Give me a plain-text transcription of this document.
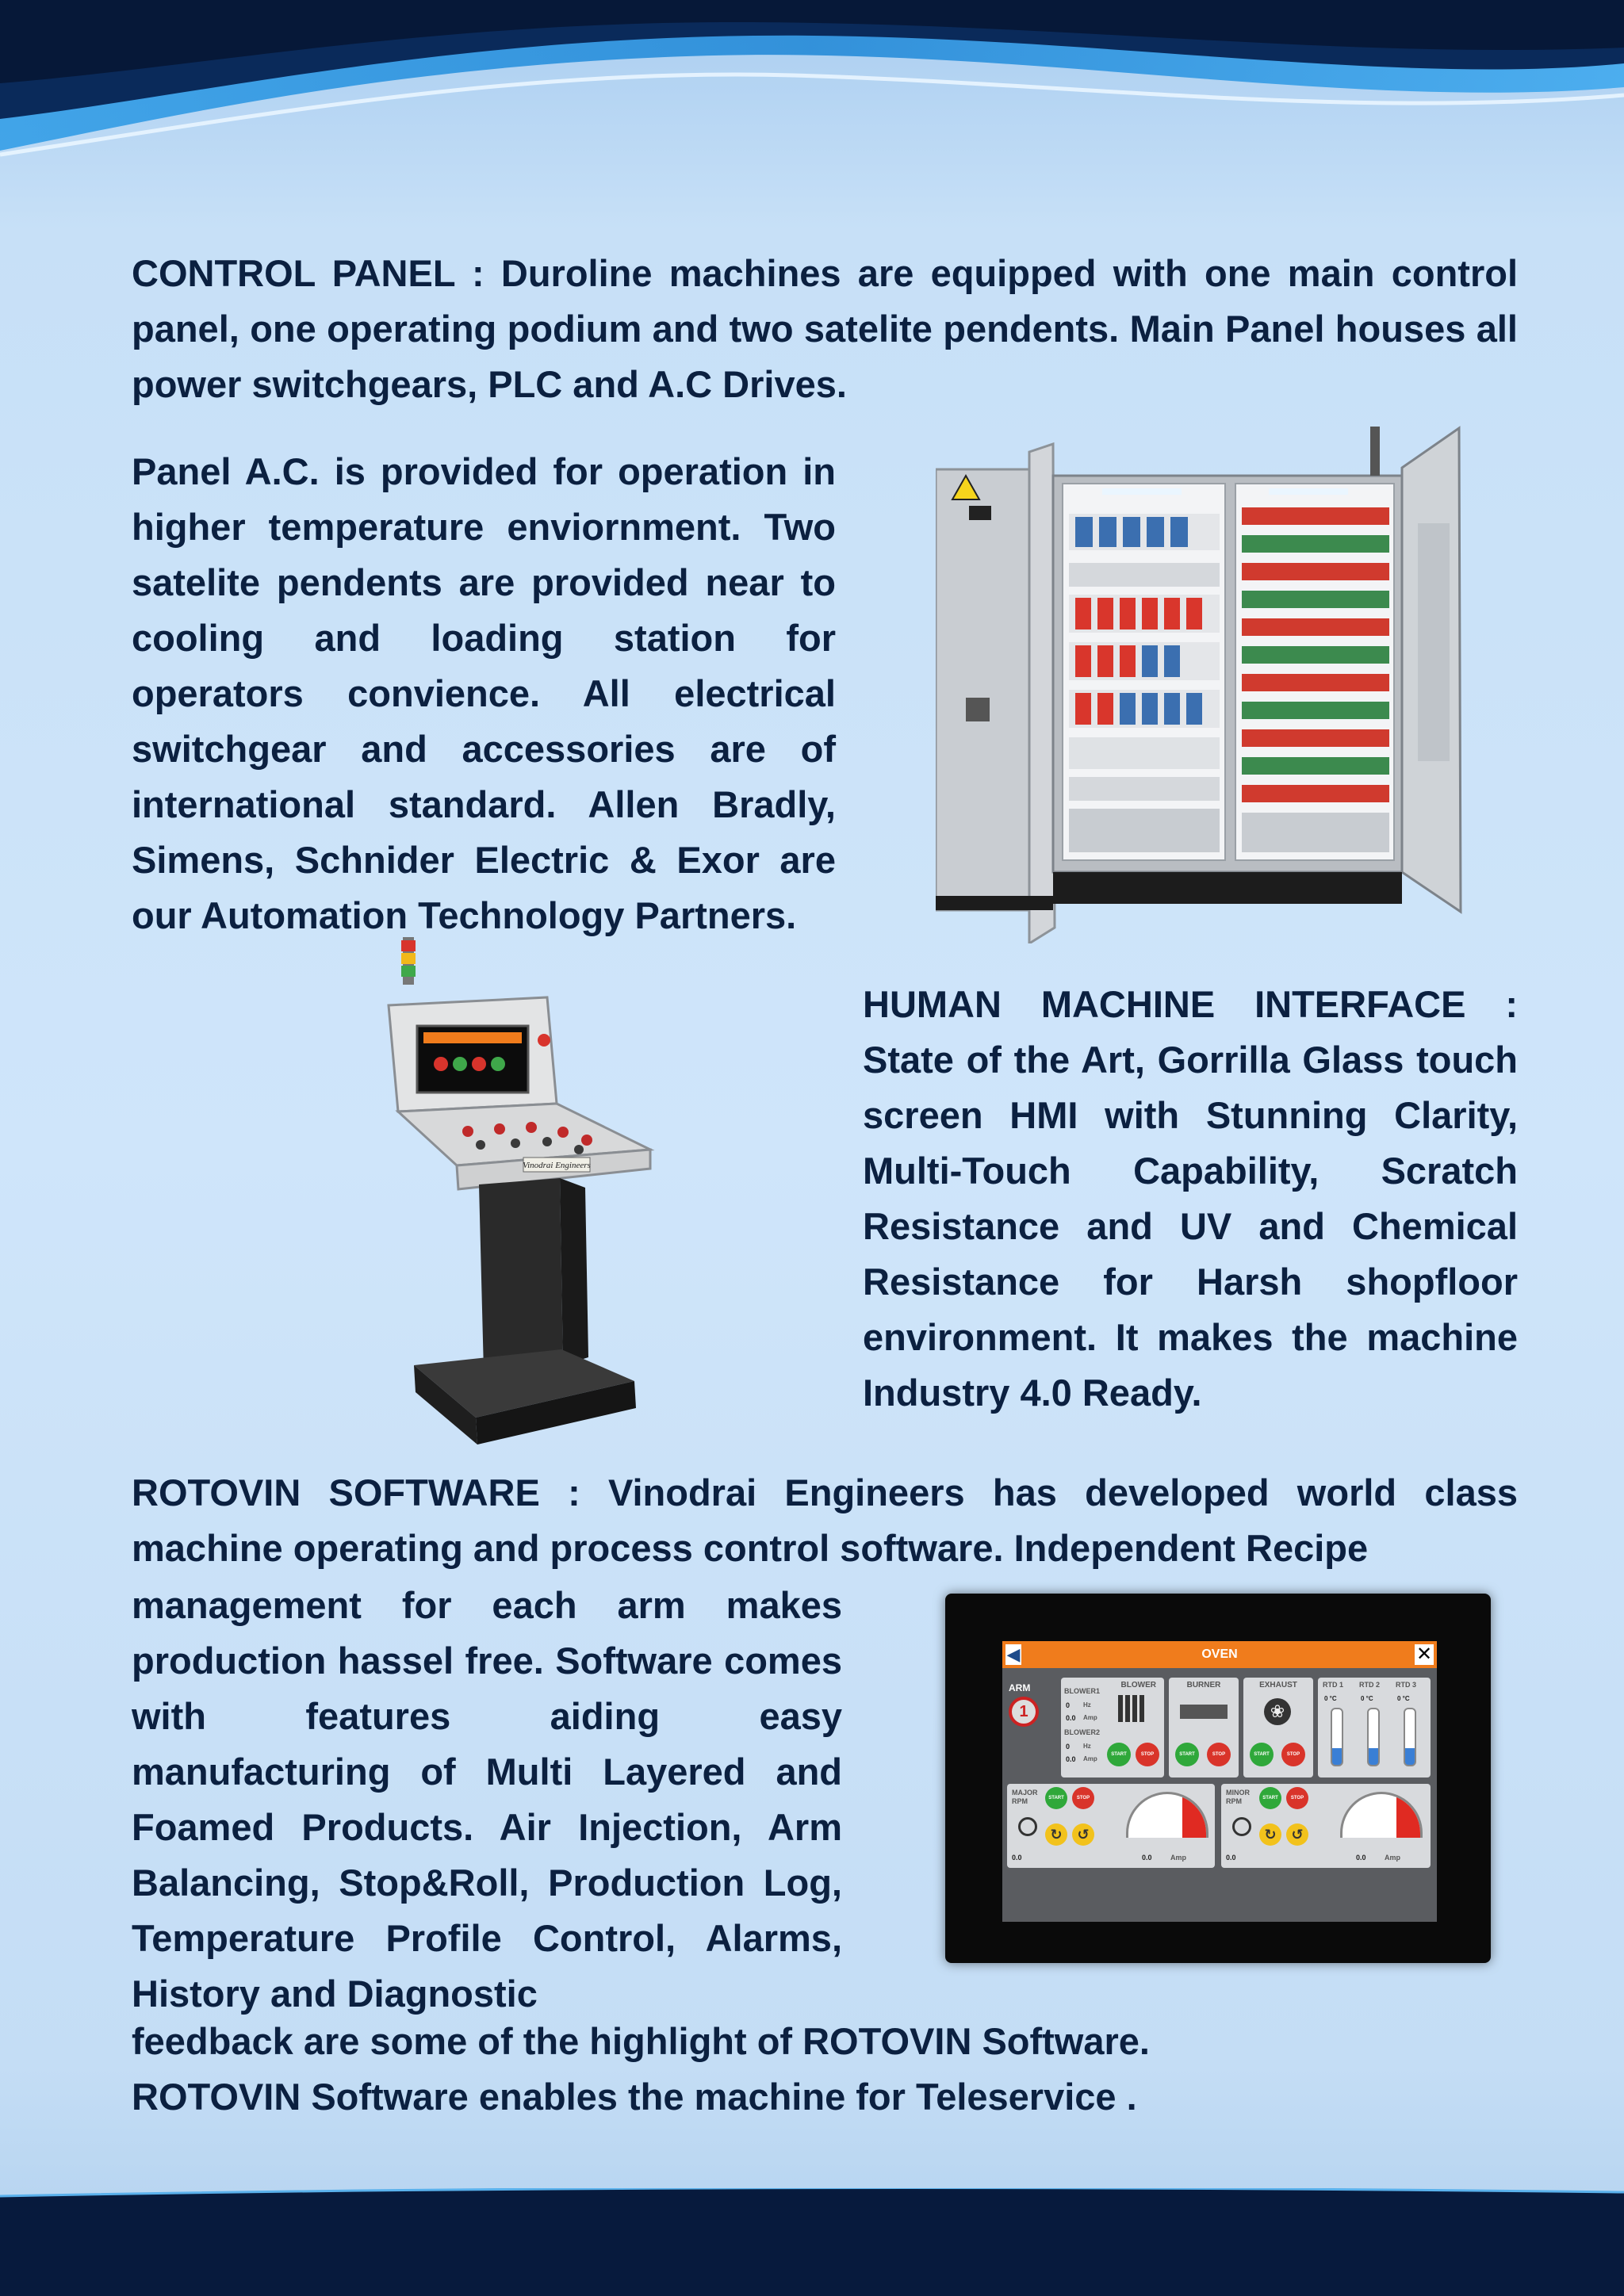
CONTROL PANEL : Duroline machines are equipped with one main control panel, one operating podium and two satelite pendents. Main Panel houses all power switchgears, PLC and A.C Drives.

Panel A.C. is provided for operation in higher temperature enviornment. Two satelite pendents are provided near to cooling and loading station for operators convience. All electrical switchgear and accessories are of international standard. Allen Bradly, Simens, Schnider Electric & Exor are our Automation Technology Partners.

HUMAN MACHINE INTERFACE : State of the Art, Gorrilla Glass touch screen HMI with Stunning Clarity, Multi-Touch Capability, Scratch Resistance and UV and Chemical Resistance for Harsh shopfloor environment. It makes the machine Industry 4.0 Ready.

ROTOVIN SOFTWARE : Vinodrai Engineers has developed world class machine operating and process control software. Independent Recipe

management for each arm makes production hassel free. Software comes with features aiding easy manufacturing of Multi Layered and Foamed Products. Air Injection, Arm Balancing, Stop&Roll, Production Log, Temperature Profile Control, Alarms, History and Diagnostic

feedback are some of the highlight of ROTOVIN Software.
ROTOVIN Software enables the machine for Teleservice .

Vinodrai Engineers
◀	OVEN	✕
ARM
1
BLOWER
BLOWER1
0 Hz
0.0 Amp
BLOWER2
0 Hz
0.0 Amp
START	STOP
BURNER
START	STOP
EXHAUST
❀
START	STOP
RTD 1 RTD 2 RTD 3
0 °C	0 °C	0 °C
MAJOR RPM	START	STOP
↻	↺
0.0	0.0	Amp
MINOR RPM	START	STOP
↻	↺
0.0	0.0	Amp
